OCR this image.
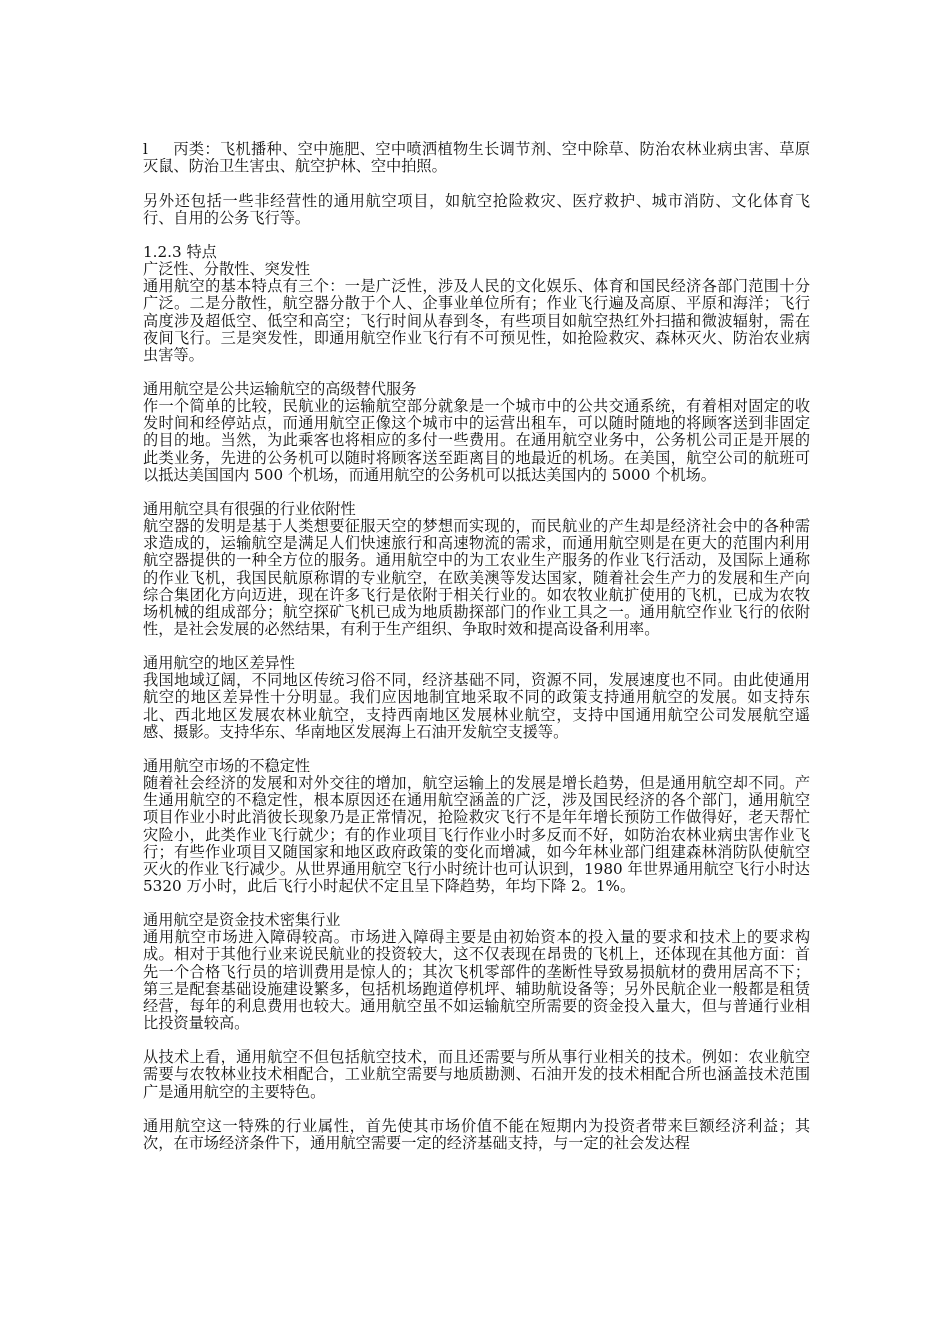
l 丙类：飞机播种、空中施肥、空中喷洒植物生长调节剂、空中除草、防治农林业病虫害、草原灭鼠、防治卫生害虫、航空护林、空中拍照。

另外还包括一些非经营性的通用航空项目，如航空抢险救灾、医疗救护、城市消防、文化体育飞行、自用的公务飞行等。

1.2.3 特点
广泛性、分散性、突发性
通用航空的基本特点有三个：一是广泛性，涉及人民的文化娱乐、体育和国民经济各部门范围十分广泛。二是分散性，航空器分散于个人、企事业单位所有；作业飞行遍及高原、平原和海洋；飞行高度涉及超低空、低空和高空；飞行时间从春到冬，有些项目如航空热红外扫描和微波辐射，需在夜间飞行。三是突发性，即通用航空作业飞行有不可预见性，如抢险救灾、森林灭火、防治农业病虫害等。
通用航空是公共运输航空的高级替代服务
作一个简单的比较，民航业的运输航空部分就象是一个城市中的公共交通系统，有着相对固定的收发时间和经停站点，而通用航空正像这个城市中的运营出租车，可以随时随地的将顾客送到非固定的目的地。当然，为此乘客也将相应的多付一些费用。在通用航空业务中，公务机公司正是开展的此类业务，先进的公务机可以随时将顾客送至距离目的地最近的机场。在美国，航空公司的航班可以抵达美国国内 500 个机场，而通用航空的公务机可以抵达美国内的 5000 个机场。
通用航空具有很强的行业依附性
航空器的发明是基于人类想要征服天空的梦想而实现的，而民航业的产生却是经济社会中的各种需求造成的，运输航空是满足人们快速旅行和高速物流的需求，而通用航空则是在更大的范围内利用航空器提供的一种全方位的服务。通用航空中的为工农业生产服务的作业飞行活动，及国际上通称的作业飞机，我国民航原称谓的专业航空，在欧美澳等发达国家，随着社会生产力的发展和生产向综合集团化方向迈进，现在许多飞行是依附于相关行业的。如农牧业航扩使用的飞机，已成为农牧场机械的组成部分；航空探矿飞机已成为地质勘探部门的作业工具之一。通用航空作业飞行的依附性，是社会发展的必然结果，有利于生产组织、争取时效和提高设备利用率。
通用航空的地区差异性
我国地域辽阔，不同地区传统习俗不同，经济基础不同，资源不同，发展速度也不同。由此使通用航空的地区差异性十分明显。我们应因地制宜地采取不同的政策支持通用航空的发展。如支持东北、西北地区发展农林业航空，支持西南地区发展林业航空，支持中国通用航空公司发展航空遥感、摄影。支持华东、华南地区发展海上石油开发航空支援等。
通用航空市场的不稳定性
随着社会经济的发展和对外交往的增加，航空运输上的发展是增长趋势，但是通用航空却不同。产生通用航空的不稳定性，根本原因还在通用航空涵盖的广泛，涉及国民经济的各个部门，通用航空项目作业小时此消彼长现象乃是正常情况，抢险救灾飞行不是年年增长预防工作做得好，老天帮忙灾险小，此类作业飞行就少；有的作业项目飞行作业小时多反而不好，如防治农林业病虫害作业飞行；有些作业项目又随国家和地区政府政策的变化而增减，如今年林业部门组建森林消防队使航空灭火的作业飞行减少。从世界通用航空飞行小时统计也可认识到，1980 年世界通用航空飞行小时达 5320 万小时，此后飞行小时起伏不定且呈下降趋势，年均下降 2。1%。
通用航空是资金技术密集行业
通用航空市场进入障碍较高。市场进入障碍主要是由初始资本的投入量的要求和技术上的要求构成。相对于其他行业来说民航业的投资较大，这不仅表现在昂贵的飞机上，还体现在其他方面：首先一个合格飞行员的培训费用是惊人的；其次飞机零部件的垄断性导致易损航材的费用居高不下；第三是配套基础设施建设繁多，包括机场跑道停机坪、辅助航设备等；另外民航企业一般都是租赁经营，每年的利息费用也较大。通用航空虽不如运输航空所需要的资金投入量大，但与普通行业相比投资量较高。
从技术上看，通用航空不但包括航空技术，而且还需要与所从事行业相关的技术。例如：农业航空需要与农牧林业技术相配合，工业航空需要与地质勘测、石油开发的技术相配合所也涵盖技术范围广是通用航空的主要特色。
通用航空这一特殊的行业属性，首先使其市场价值不能在短期内为投资者带来巨额经济利益；其次，在市场经济条件下，通用航空需要一定的经济基础支持，与一定的社会发达程
